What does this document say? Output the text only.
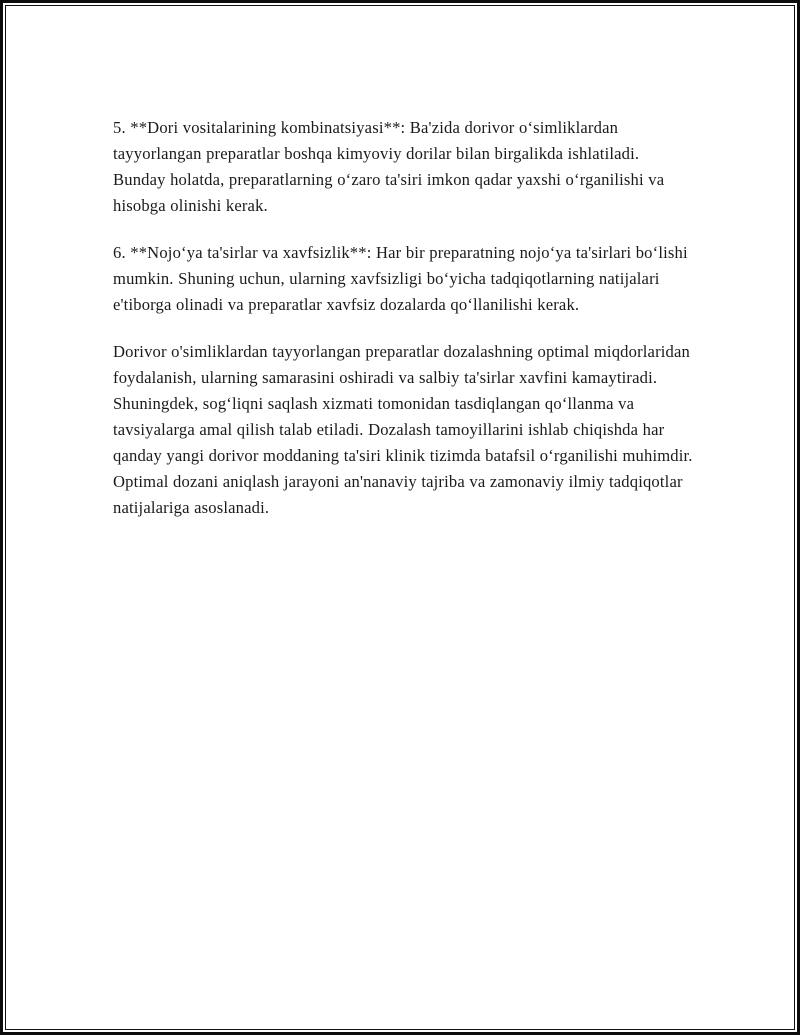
5. **Dori vositalarining kombinatsiyasi**: Ba'zida dorivor oʻsimliklardan tayyorlangan preparatlar boshqa kimyoviy dorilar bilan birgalikda ishlatiladi. Bunday holatda, preparatlarning oʻzaro ta'siri imkon qadar yaxshi oʻrganilishi va hisobga olinishi kerak.

6. **Nojoʻya ta'sirlar va xavfsizlik**: Har bir preparatning nojoʻya ta'sirlari boʻlishi mumkin. Shuning uchun, ularning xavfsizligi boʻyicha tadqiqotlarning natijalari e'tiborga olinadi va preparatlar xavfsiz dozalarda qoʻllanilishi kerak.

Dorivor o'simliklardan tayyorlangan preparatlar dozalashning optimal miqdorlaridan foydalanish, ularning samarasini oshiradi va salbiy ta'sirlar xavfini kamaytiradi. Shuningdek, sogʻliqni saqlash xizmati tomonidan tasdiqlangan qoʻllanma va tavsiyalarga amal qilish talab etiladi. Dozalash tamoyillarini ishlab chiqishda har qanday yangi dorivor moddaning ta'siri klinik tizimda batafsil oʻrganilishi muhimdir. Optimal dozani aniqlash jarayoni an'nanaviy tajriba va zamonaviy ilmiy tadqiqotlar natijalariga asoslanadi.
